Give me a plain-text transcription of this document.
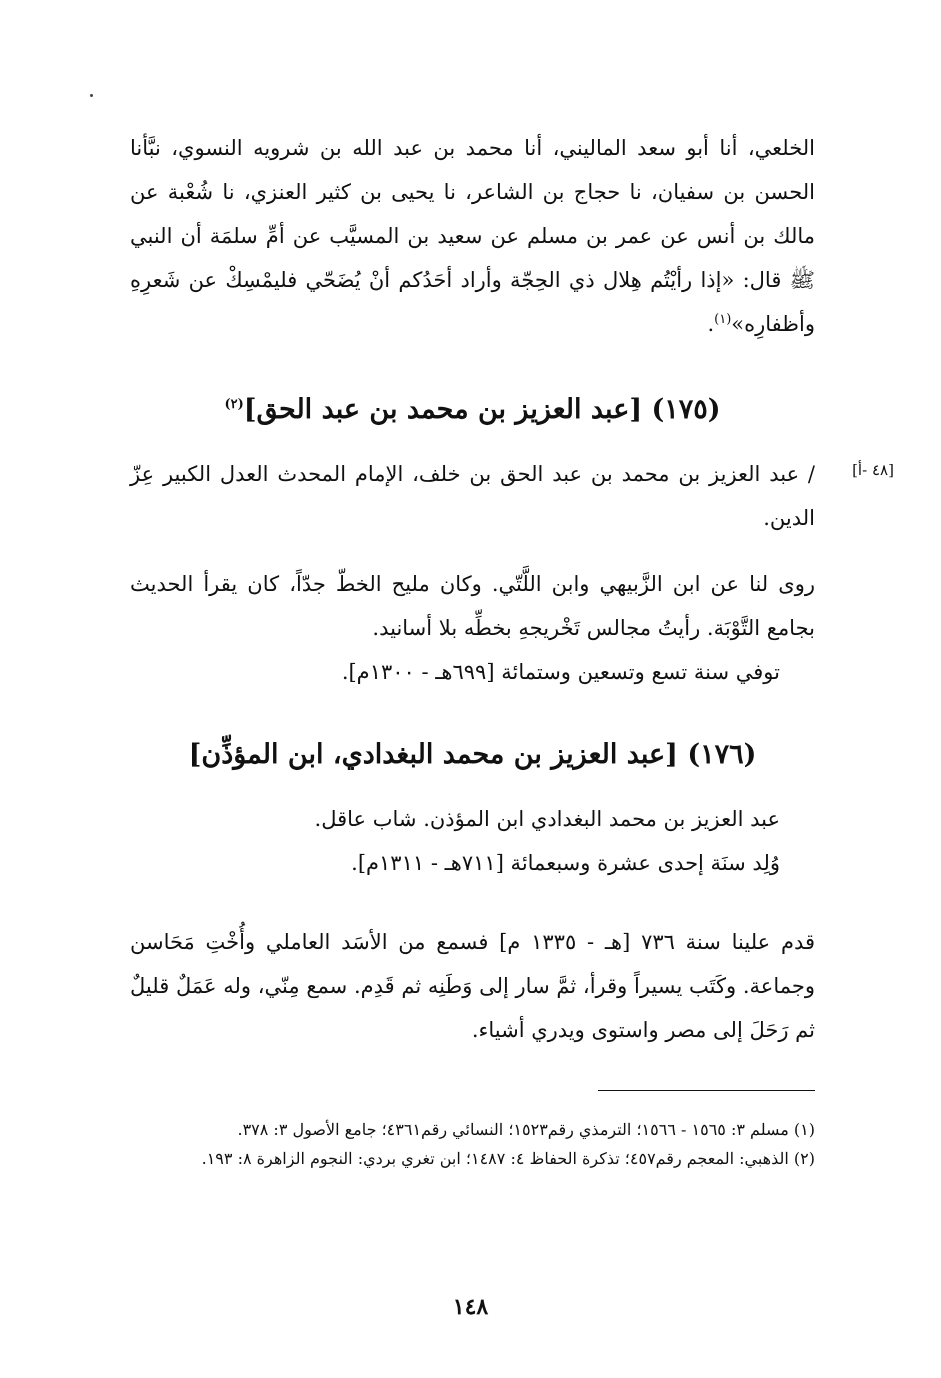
الخلعي، أنا أبو سعد الماليني، أنا محمد بن عبد الله بن شرويه النسوي، نبَّأنا الحسن بن سفيان، نا حجاج بن الشاعر، نا يحيى بن كثير العنزي، نا شُعْبة عن مالك بن أنس عن عمر بن مسلم عن سعيد بن المسيَّب عن أمِّ سلمَة أن النبي ﷺ قال: «إذا رأيْتُم هِلال ذي الحِجّة وأراد أحَدُكم أنْ يُضَحّي فليمْسِكْ عن شَعرِهِ وأظفارِه»$^{(١)}$.

(١٧٥) [عبد العزيز بن محمد بن عبد الحق]$^{(٢)}$
[٤٨ -أ]

/ عبد العزيز بن محمد بن عبد الحق بن خلف، الإمام المحدث العدل الكبير عِزّ الدين.

روى لنا عن ابن الزَّبيهي وابن اللَّتّي. وكان مليح الخطّ جدّاً، كان يقرأ الحديث بجامع التَّوْبَة. رأيتُ مجالس تَخْريجهِ بخطِّه بلا أسانيد.

توفي سنة تسع وتسعين وستمائة [٦٩٩هـ - ١٣٠٠م].

(١٧٦) [عبد العزيز بن محمد البغدادي، ابن المؤذِّن]

عبد العزيز بن محمد البغدادي ابن المؤذن. شاب عاقل.

وُلِد سنَة إحدى عشرة وسبعمائة [٧١١هـ - ١٣١١م].

قدم علينا سنة ٧٣٦ [هـ - ١٣٣٥ م] فسمع من الأسَد العاملي وأُخْتِ مَحَاسن وجماعة. وكَتَب يسيراً وقرأ، ثمَّ سار إلى وَطَنِه ثم قَدِم. سمع مِنّي، وله عَمَلٌ قليلٌ ثم رَحَلَ إلى مصر واستوى ويدري أشياء.

(١) مسلم ٣: ١٥٦٥ - ١٥٦٦؛ الترمذي رقم١٥٢٣؛ النسائي رقم٤٣٦١؛ جامع الأصول ٣: ٣٧٨.

(٢) الذهبي: المعجم رقم٤٥٧؛ تذكرة الحفاظ ٤: ١٤٨٧؛ ابن تغري بردي: النجوم الزاهرة ٨: ١٩٣.

١٤٨
